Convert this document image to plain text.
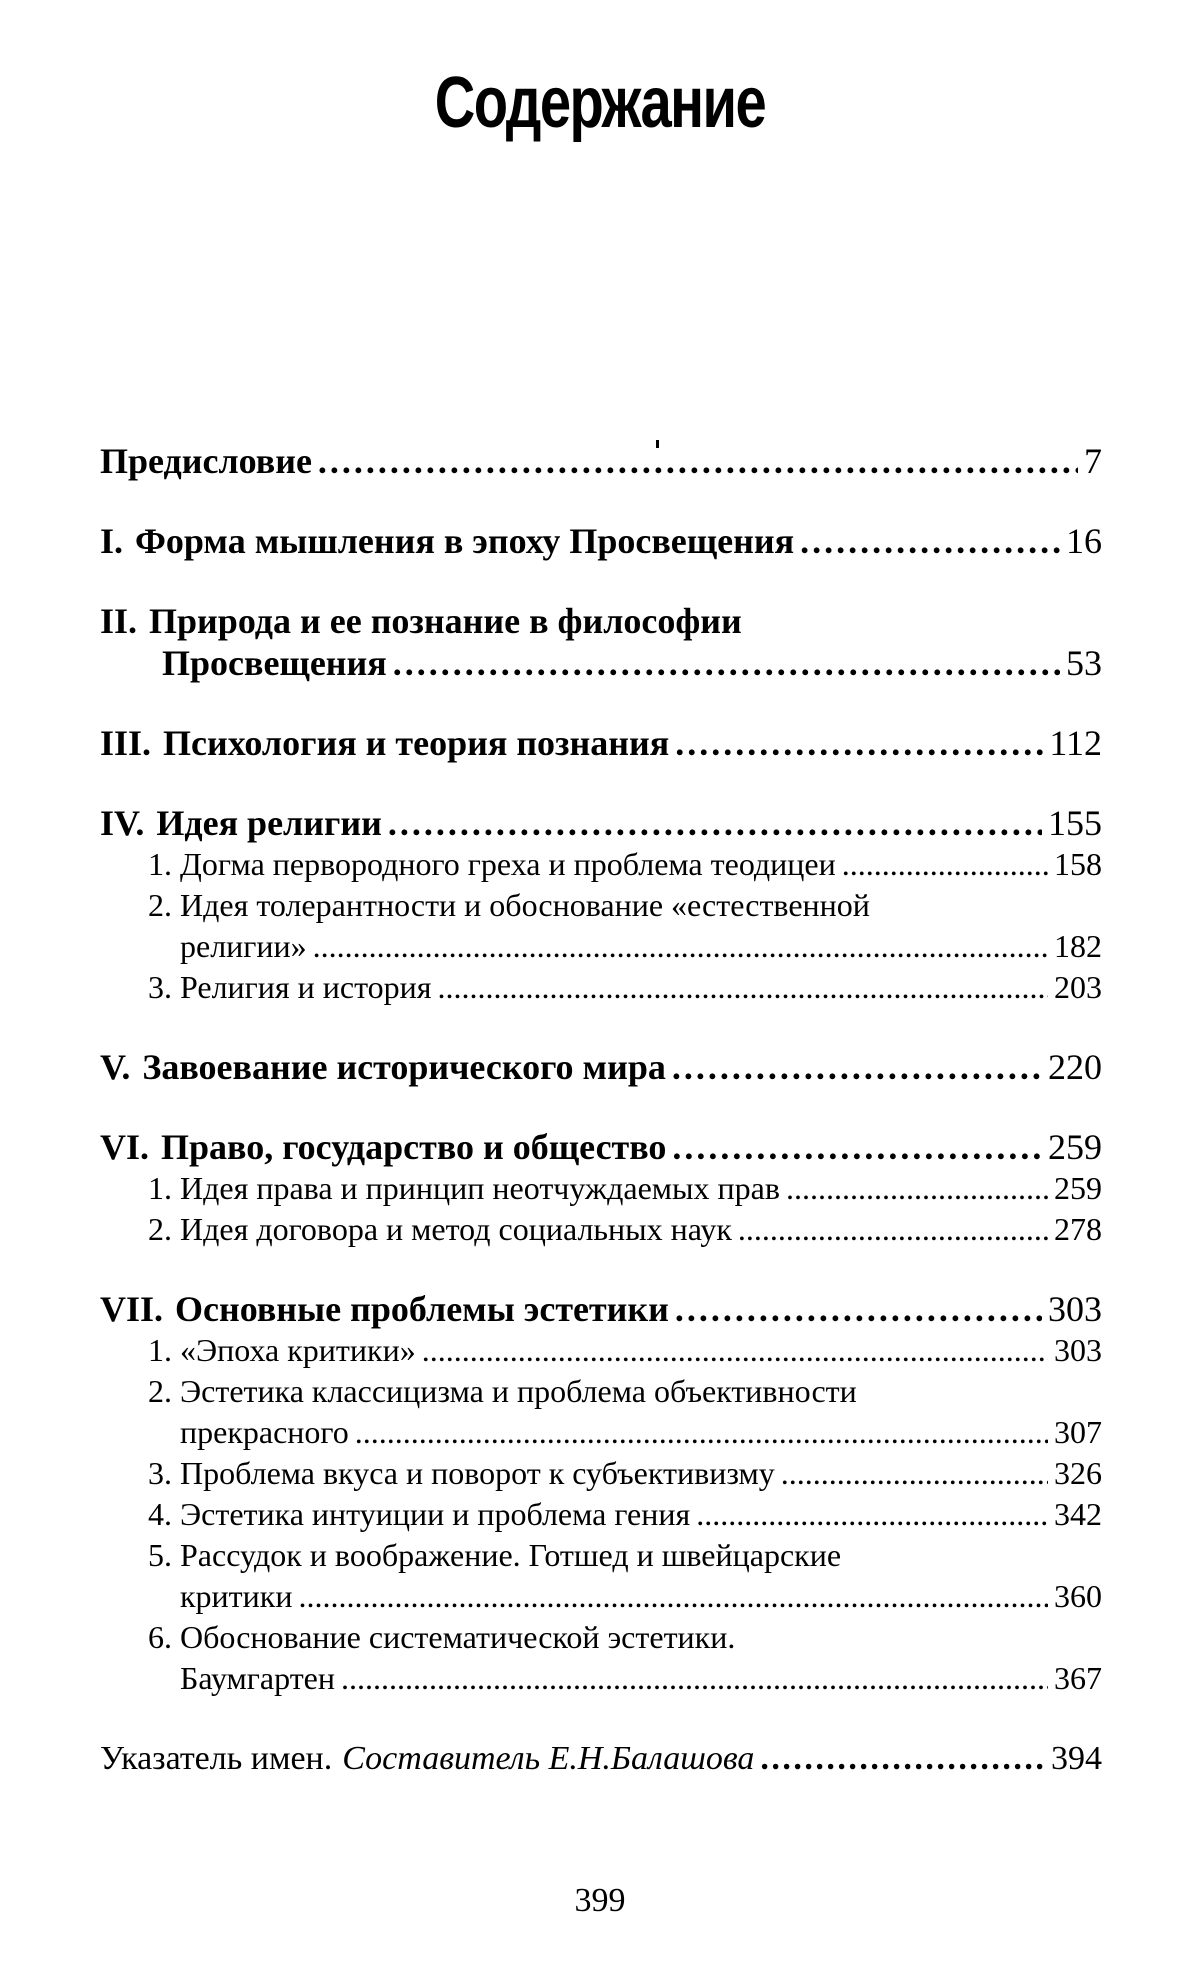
Содержание
Предисловие . . .	7
I. Форма мышления в эпоху Просвещения . . .	16
II. Природа и ее познание в философии
Просвещения . . .	53
III. Психология и теория познания . . .	112
IV. Идея религии . . .	155
1. Догма первородного греха и проблема теодицеи . . .	158
2. Идея толерантности и обоснование «естественной
религии» . . .	182
3. Религия и история . . .	203
V. Завоевание исторического мира . . .	220
VI. Право, государство и общество . . .	259
1. Идея права и принцип неотчуждаемых прав . . .	259
2. Идея договора и метод социальных наук . . .	278
VII. Основные проблемы эстетики . . .	303
1. «Эпоха критики» . . .	303
2. Эстетика классицизма и проблема объективности
прекрасного . . .	307
3. Проблема вкуса и поворот к субъективизму . . .	326
4. Эстетика интуиции и проблема гения . . .	342
5. Рассудок и воображение. Готшед и швейцарские
критики . . .	360
6. Обоснование систематической эстетики.
Баумгартен . . .	367
Указатель имен. Составитель Е.Н.Балашова . . .	394
399
